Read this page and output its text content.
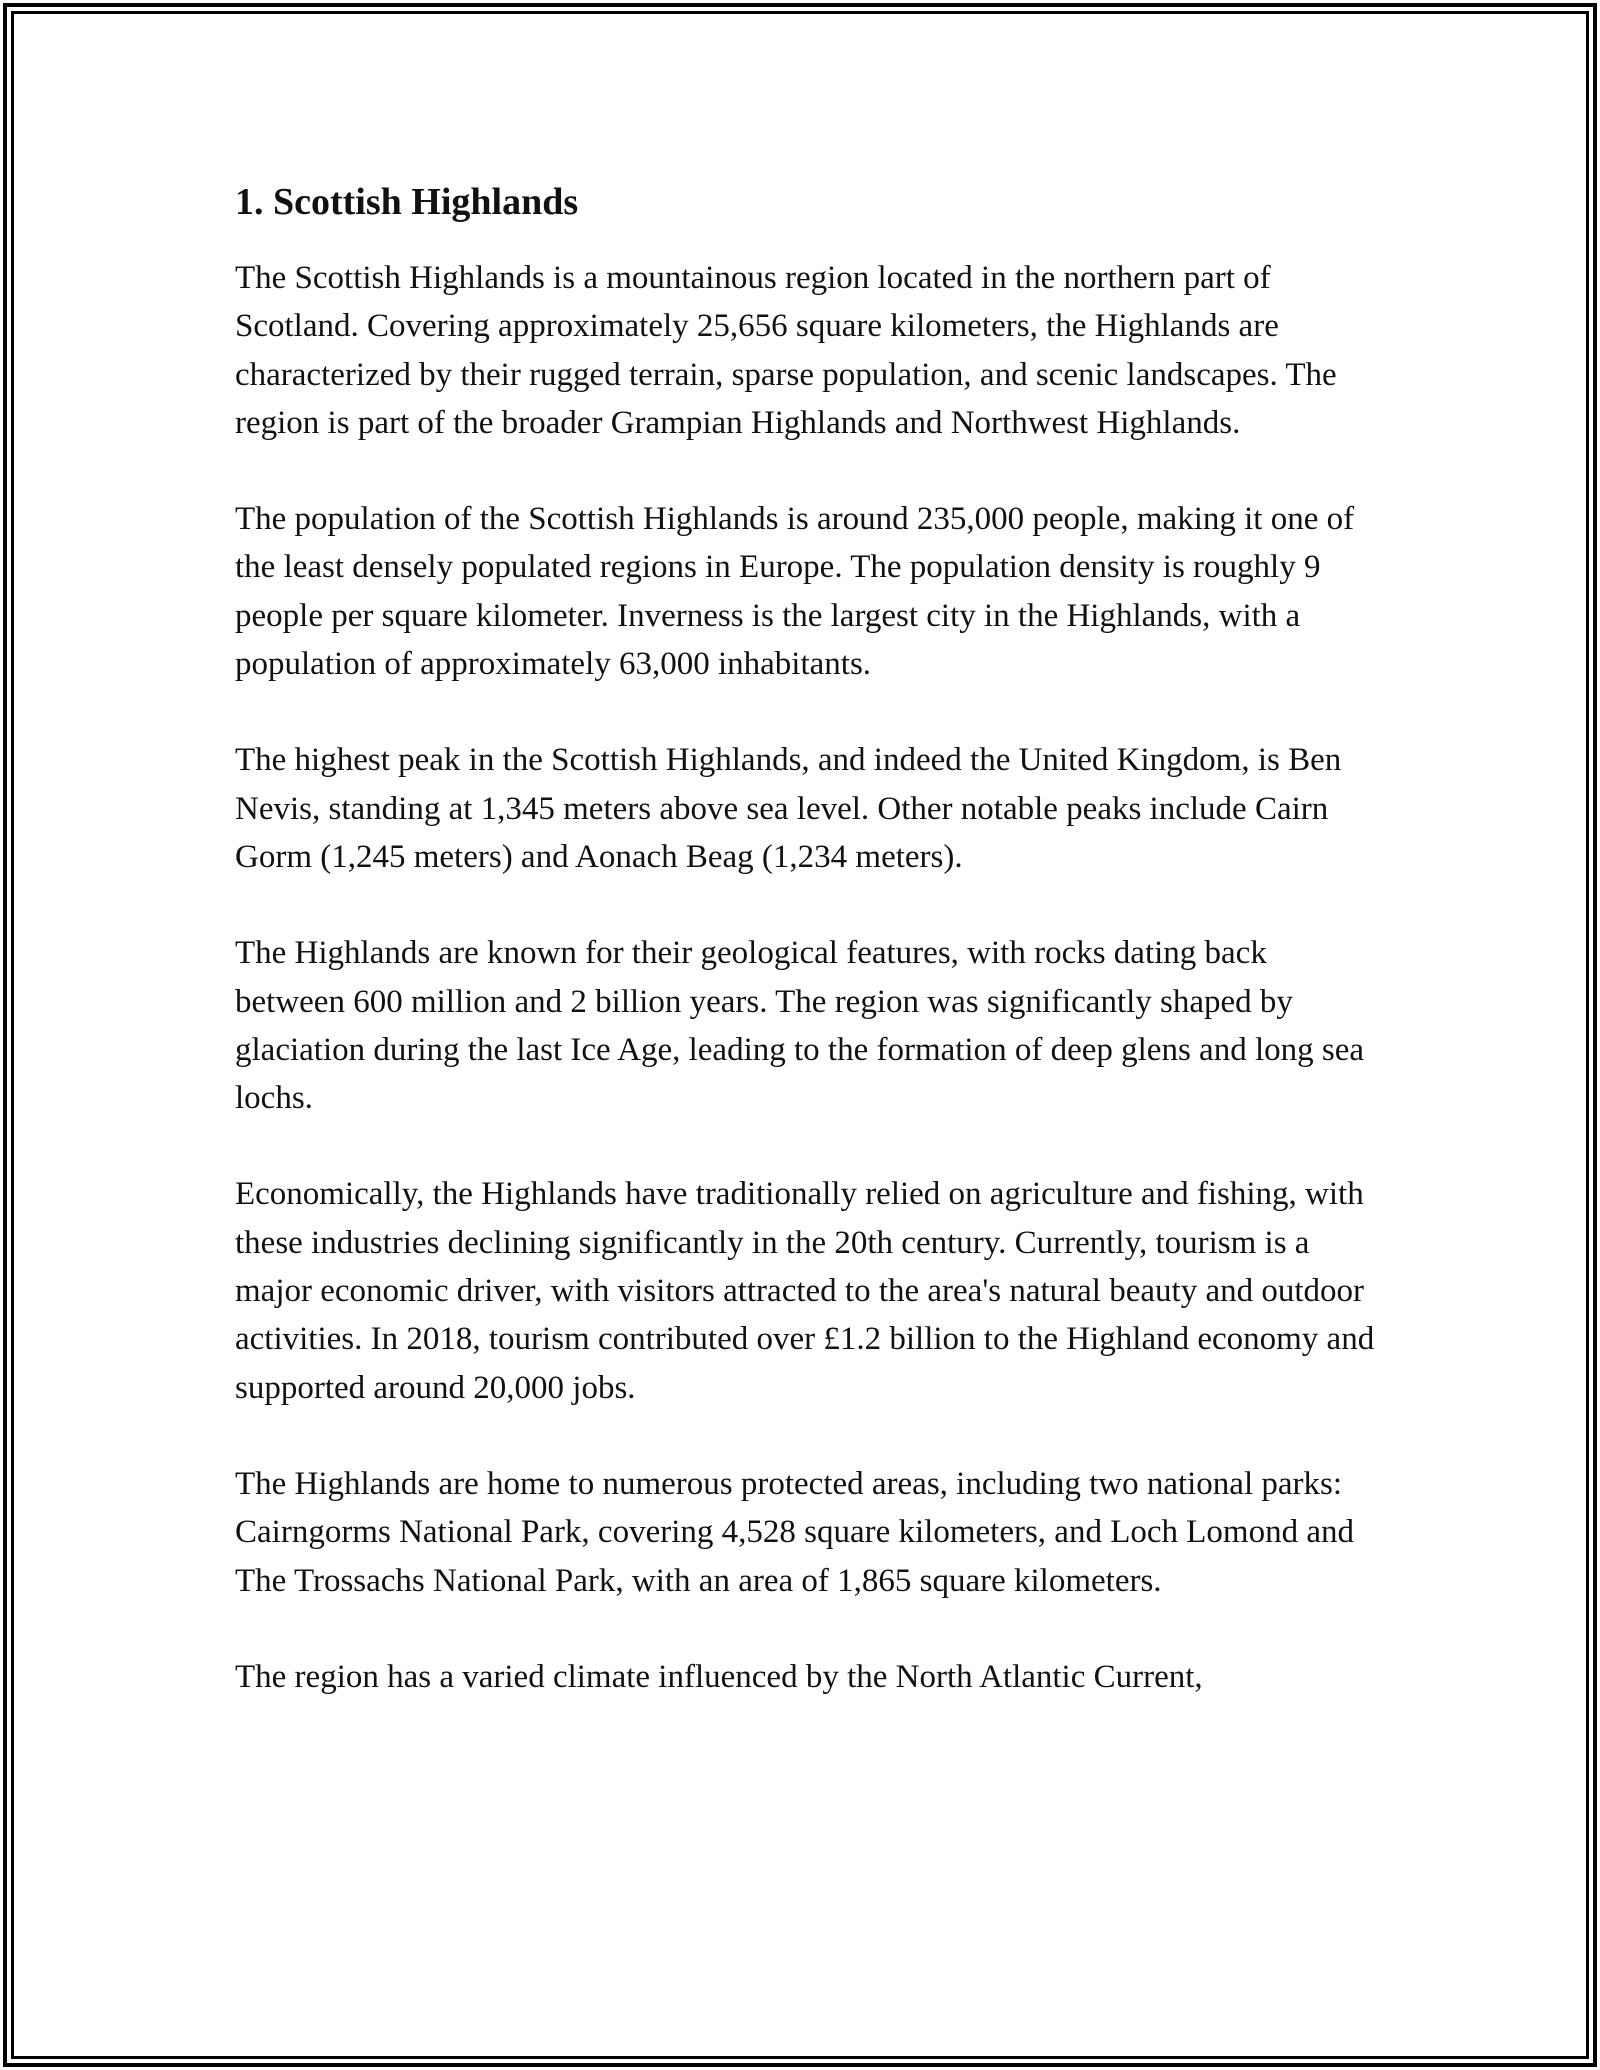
1. Scottish Highlands

The Scottish Highlands is a mountainous region located in the northern part of Scotland. Covering approximately 25,656 square kilometers, the Highlands are characterized by their rugged terrain, sparse population, and scenic landscapes. The region is part of the broader Grampian Highlands and Northwest Highlands.

The population of the Scottish Highlands is around 235,000 people, making it one of the least densely populated regions in Europe. The population density is roughly 9 people per square kilometer. Inverness is the largest city in the Highlands, with a population of approximately 63,000 inhabitants.

The highest peak in the Scottish Highlands, and indeed the United Kingdom, is Ben Nevis, standing at 1,345 meters above sea level. Other notable peaks include Cairn Gorm (1,245 meters) and Aonach Beag (1,234 meters).

The Highlands are known for their geological features, with rocks dating back between 600 million and 2 billion years. The region was significantly shaped by glaciation during the last Ice Age, leading to the formation of deep glens and long sea lochs.

Economically, the Highlands have traditionally relied on agriculture and fishing, with these industries declining significantly in the 20th century. Currently, tourism is a major economic driver, with visitors attracted to the area's natural beauty and outdoor activities. In 2018, tourism contributed over £1.2 billion to the Highland economy and supported around 20,000 jobs.

The Highlands are home to numerous protected areas, including two national parks: Cairngorms National Park, covering 4,528 square kilometers, and Loch Lomond and The Trossachs National Park, with an area of 1,865 square kilometers.

The region has a varied climate influenced by the North Atlantic Current,
